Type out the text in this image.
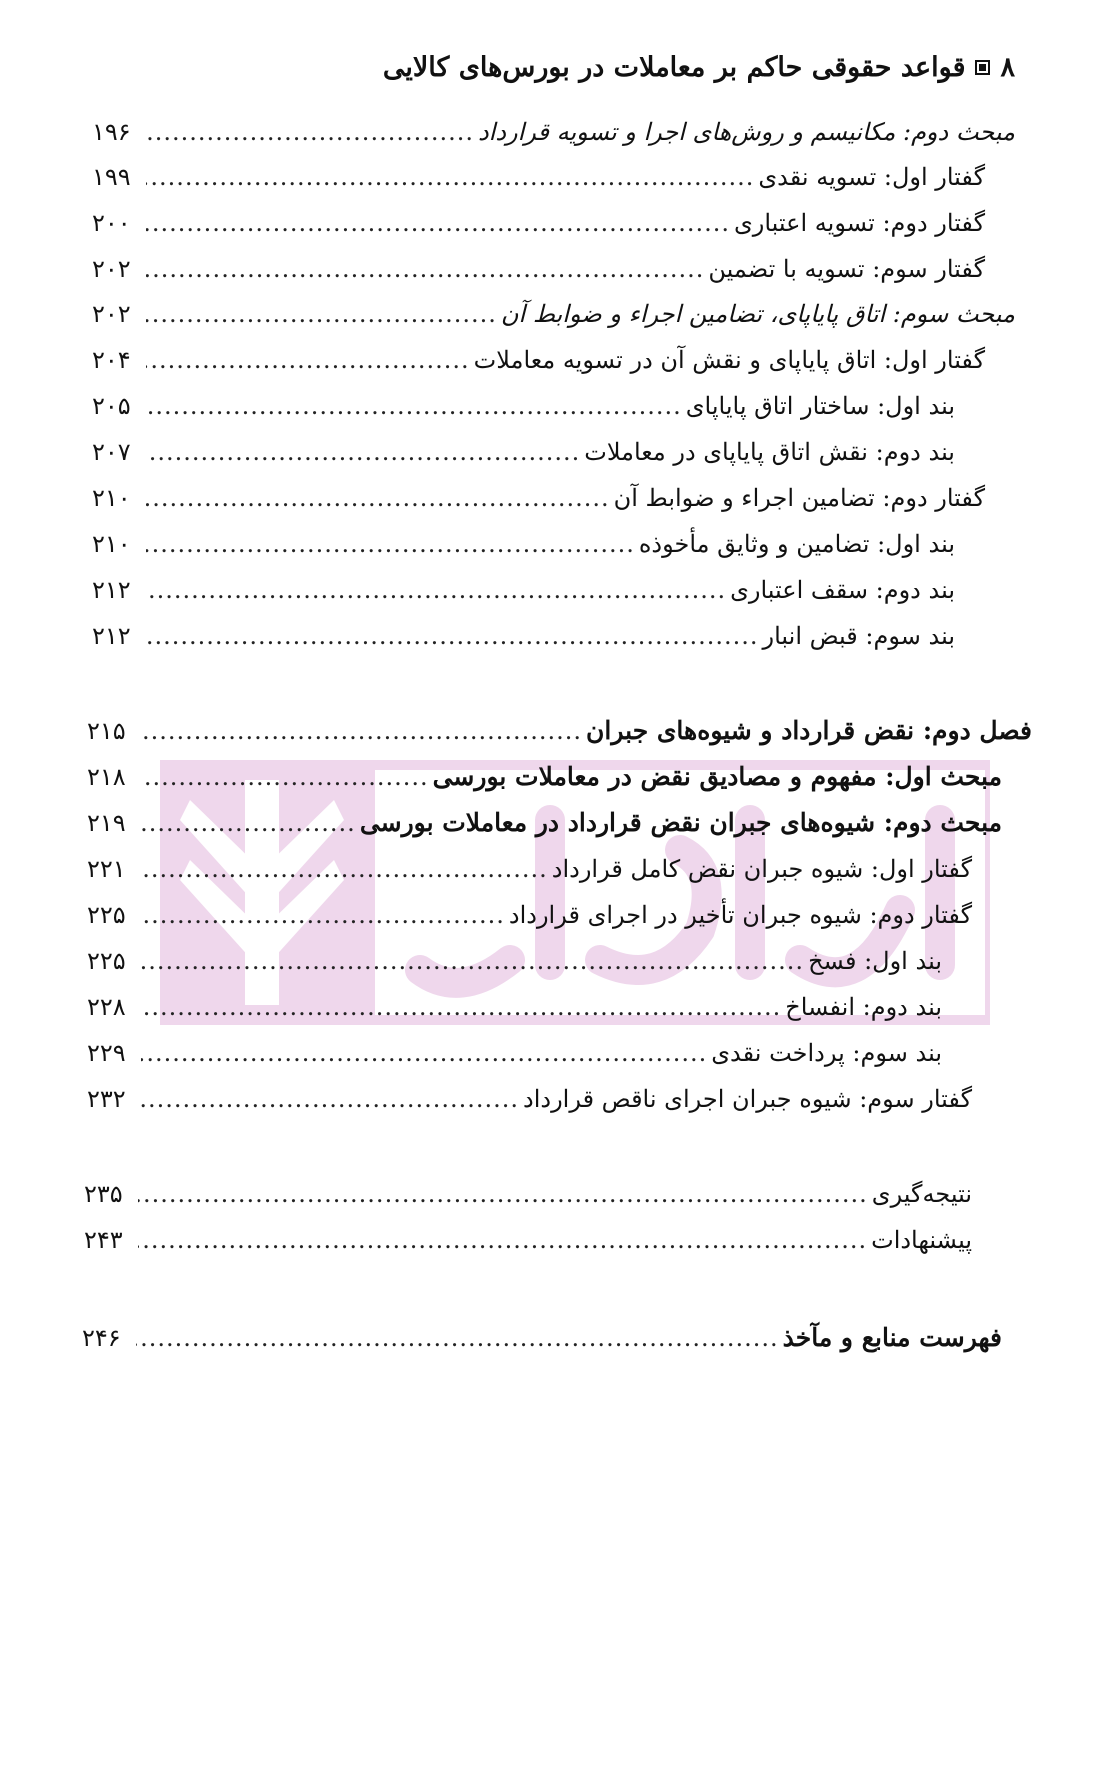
۸
قواعد حقوقی حاکم بر معاملات در بورس‌های کالایی
مبحث دوم: مکانیسم و روش‌های اجرا و تسویه قرارداد
.....
۱۹۶
گفتار اول: تسویه نقدی
.....
۱۹۹
گفتار دوم: تسویه اعتباری
.....
۲۰۰
گفتار سوم: تسویه با تضمین
.....
۲۰۲
مبحث سوم: اتاق پایاپای، تضامین اجراء و ضوابط آن
.....
۲۰۲
گفتار اول: اتاق پایاپای و نقش آن در تسویه معاملات
.....
۲۰۴
بند اول: ساختار اتاق پایاپای
.....
۲۰۵
بند دوم: نقش اتاق پایاپای در معاملات
.....
۲۰۷
گفتار دوم: تضامین اجراء و ضوابط آن
.....
۲۱۰
بند اول: تضامین و وثایق مأخوذه
.....
۲۱۰
بند دوم: سقف اعتباری
.....
۲۱۲
بند سوم: قبض انبار
.....
۲۱۲
فصل دوم: نقض قرارداد و شیوه‌های جبران
.....
۲۱۵
مبحث اول: مفهوم و مصادیق نقض در معاملات بورسی
.....
۲۱۸
مبحث دوم: شیوه‌های جبران نقض قرارداد در معاملات بورسی
.....
۲۱۹
گفتار اول: شیوه جبران نقض کامل قرارداد
.....
۲۲۱
گفتار دوم: شیوه جبران تأخیر در اجرای قرارداد
.....
۲۲۵
بند اول: فسخ
.....
۲۲۵
بند دوم: انفساخ
.....
۲۲۸
بند سوم: پرداخت نقدی
.....
۲۲۹
گفتار سوم: شیوه جبران اجرای ناقص قرارداد
.....
۲۳۲
نتیجه‌گیری
.....
۲۳۵
پیشنهادات
.....
۲۴۳
فهرست منابع و مآخذ
.....
۲۴۶
